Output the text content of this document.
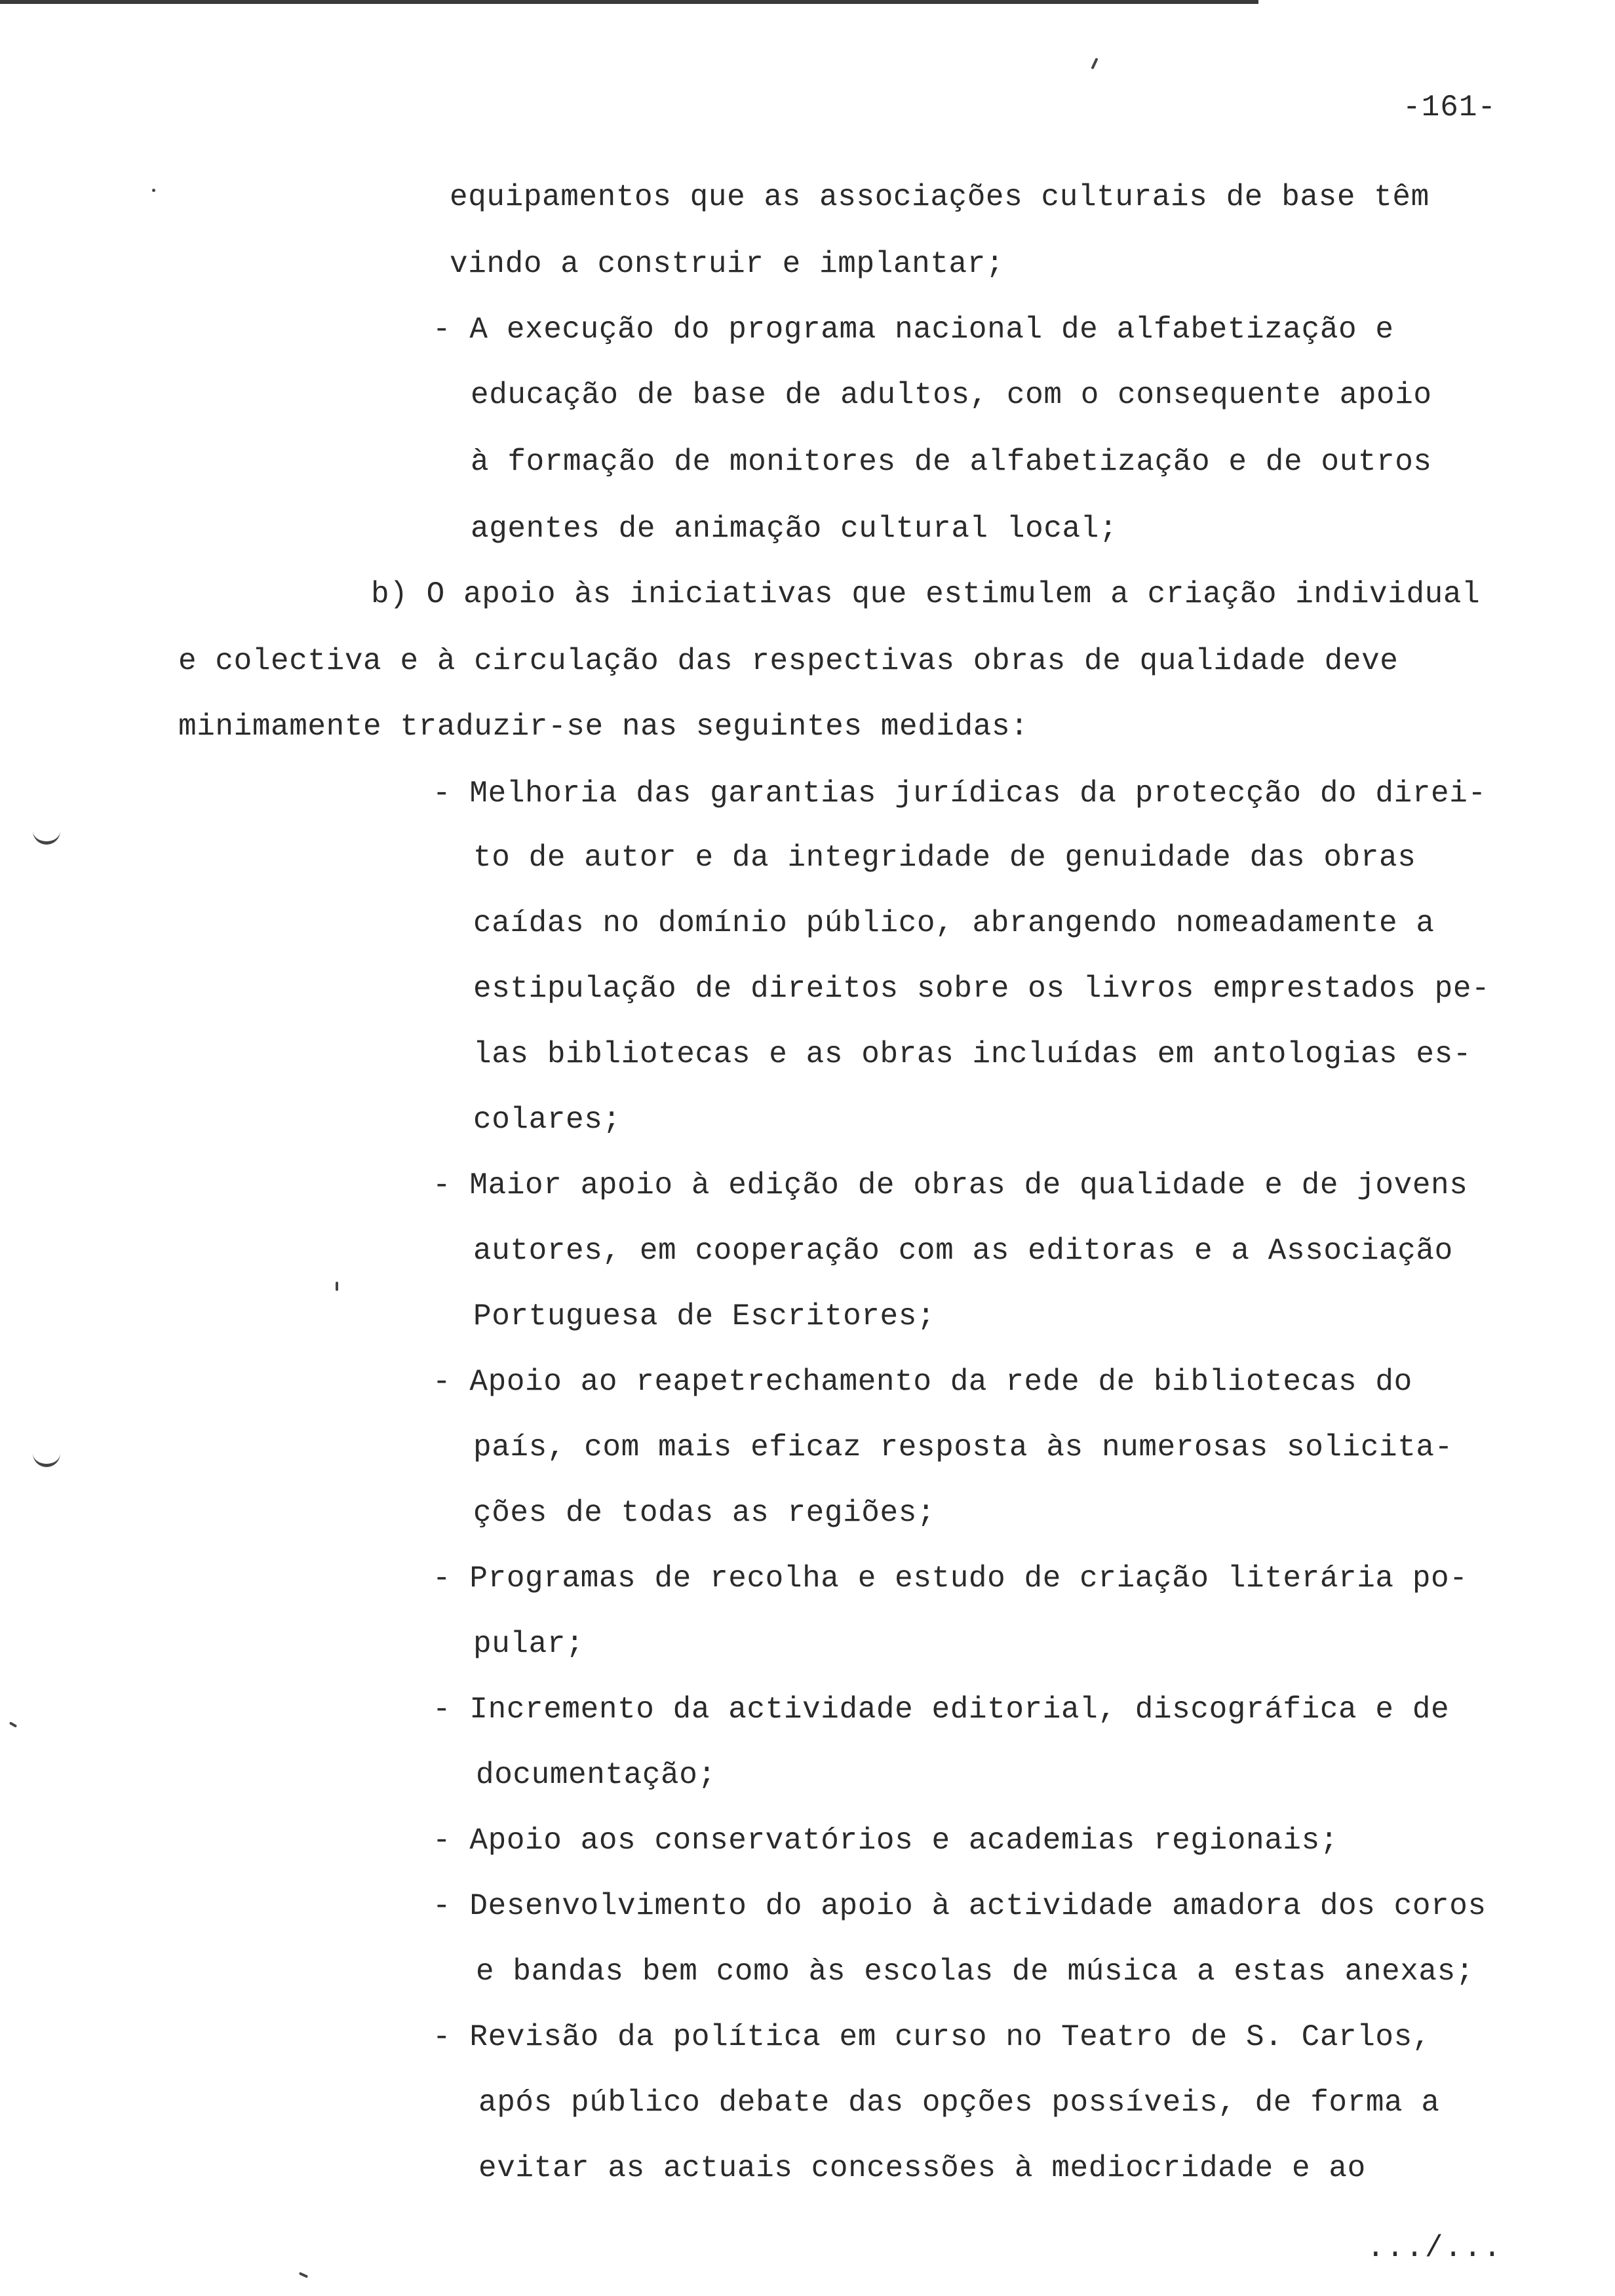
-161-
equipamentos que as associações culturais de base têm
vindo a construir e implantar;
- A execução do programa nacional de alfabetização e
educação de base de adultos, com o consequente apoio
à formação de monitores de alfabetização e de outros
agentes de animação cultural local;
b) O apoio às iniciativas que estimulem a criação individual
e colectiva e à circulação das respectivas obras de qualidade deve
minimamente traduzir-se nas seguintes medidas:
- Melhoria das garantias jurídicas da protecção do direi-
to de autor e da integridade de genuidade das obras
caídas no domínio público, abrangendo nomeadamente a
estipulação de direitos sobre os livros emprestados pe-
las bibliotecas e as obras incluídas em antologias es-
colares;
- Maior apoio à edição de obras de qualidade e de jovens
autores, em cooperação com as editoras e a Associação
Portuguesa de Escritores;
- Apoio ao reapetrechamento da rede de bibliotecas do
país, com mais eficaz resposta às numerosas solicita-
ções de todas as regiões;
- Programas de recolha e estudo de criação literária po-
pular;
- Incremento da actividade editorial, discográfica e de
documentação;
- Apoio aos conservatórios e academias regionais;
- Desenvolvimento do apoio à actividade amadora dos coros
e bandas bem como às escolas de música a estas anexas;
- Revisão da política em curso no Teatro de S. Carlos,
após público debate das opções possíveis, de forma a
evitar as actuais concessões à mediocridade e ao
.../...
